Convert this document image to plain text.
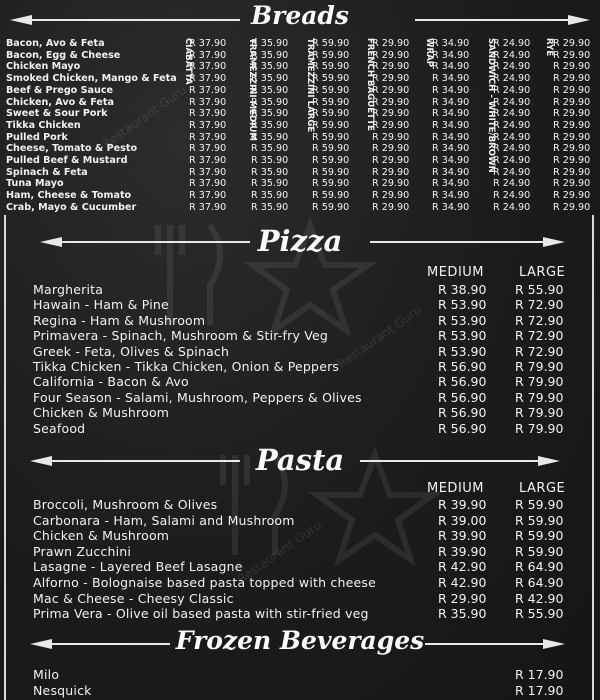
Restaurant Guru
Restaurant Guru
Restaurant Guru
Breads
Bacon, Avo & Feta	R 37.90	R 35.90 R 59.90 R 29.90 R 34.90 R 24.90 R 29.90
Bacon, Egg & Cheese	R 37.90	R 35.90 R 59.90 R 29.90 R 34.90 R 24.90 R 29.90
Chicken Mayo	R 37.90	R 35.90 R 59.90 R 29.90 R 34.90 R 24.90 R 29.90
Smoked Chicken, Mango & Feta R 37.90	R 35.90 R 59.90 R 29.90 R 34.90 R 24.90 R 29.90
Beef & Prego Sauce	R 37.90	R 35.90 R 59.90 R 29.90 R 34.90 R 24.90 R 29.90
Chicken, Avo & Feta	R 37.90	R 35.90 R 59.90 R 29.90 R 34.90 R 24.90 R 29.90
Sweet & Sour Pork	R 37.90	R 35.90 R 59.90 R 29.90 R 34.90 R 24.90 R 29.90
Tikka Chicken	R 37.90	R 35.90 R 59.90 R 29.90 R 34.90 R 24.90 R 29.90
Pulled Pork	R 37.90	R 35.90 R 59.90 R 29.90 R 34.90 R 24.90 R 29.90
Cheese, Tomato & Pesto	R 37.90	R 35.90 R 59.90 R 29.90 R 34.90 R 24.90 R 29.90
Pulled Beef & Mustard	R 37.90	R 35.90 R 59.90 R 29.90 R 34.90 R 24.90 R 29.90
Spinach & Feta	R 37.90	R 35.90 R 59.90 R 29.90 R 34.90 R 24.90 R 29.90
Tuna Mayo	R 37.90	R 35.90 R 59.90 R 29.90 R 34.90 R 24.90 R 29.90
Ham, Cheese & Tomato	R 37.90	R 35.90 R 59.90 R 29.90 R 34.90 R 24.90 R 29.90
Crab, Mayo & Cucumber	R 37.90	R 35.90 R 59.90 R 29.90 R 34.90 R 24.90 R 29.90
CIABATTA	TRAMEZZINI MEDIUM	TRAMEZZINI LARGE	FRENCH BAGUETTE	WRAP	SANDWICH - WHITE/BROWN	RYE
Pizza
MEDIUM	LARGE
Margherita	R 38.90 R 55.90
Hawain - Ham & Pine	R 53.90 R 72.90
Regina - Ham & Mushroom	R 53.90 R 72.90
Primavera - Spinach, Mushroom & Stir-fry Veg	R 53.90 R 72.90
Greek - Feta, Olives & Spinach	R 53.90 R 72.90
Tikka Chicken - Tikka Chicken, Onion & Peppers	R 56.90 R 79.90
California - Bacon & Avo	R 56.90 R 79.90
Four Season - Salami, Mushroom, Peppers & Olives	R 56.90 R 79.90
Chicken & Mushroom	R 56.90 R 79.90
Seafood	R 56.90 R 79.90
Pasta
MEDIUM	LARGE
Broccoli, Mushroom & Olives	R 39.90 R 59.90
Carbonara - Ham, Salami and Mushroom	R 39.00 R 59.90
Chicken & Mushroom	R 39.90 R 59.90
Prawn Zucchini	R 39.90 R 59.90
Lasagne - Layered Beef Lasagne	R 42.90 R 64.90
Alforno - Bolognaise based pasta topped with cheese	R 42.90 R 64.90
Mac & Cheese - Cheesy Classic	R 29.90 R 42.90
Prima Vera - Olive oil based pasta with stir-fried veg	R 35.90 R 55.90
Frozen Beverages
Milo	R 17.90
Nesquick	R 17.90
